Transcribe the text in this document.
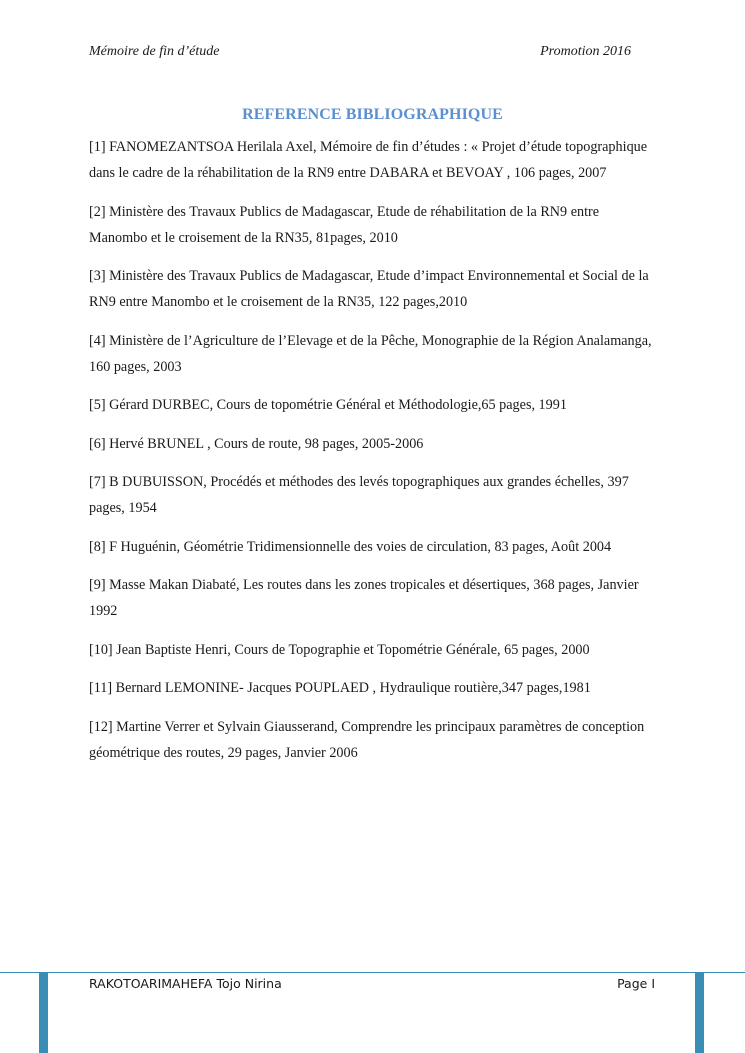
Mémoire de fin d’étude	Promotion 2016
REFERENCE BIBLIOGRAPHIQUE
[1] FANOMEZANTSOA Herilala Axel, Mémoire de fin d’études : « Projet d’étude topographique dans le cadre de la réhabilitation de la RN9 entre DABARA et BEVOAY , 106 pages, 2007
[2] Ministère des Travaux Publics de Madagascar, Etude de réhabilitation de la RN9 entre Manombo et le croisement de la RN35, 81pages, 2010
[3] Ministère des Travaux Publics de Madagascar, Etude d’impact Environnemental et Social de la RN9 entre Manombo et le croisement de la RN35, 122 pages,2010
[4] Ministère de l’Agriculture de l’Elevage et de la Pêche, Monographie de la Région Analamanga, 160 pages, 2003
[5] Gérard DURBEC, Cours de topométrie Général et Méthodologie,65 pages, 1991
[6] Hervé BRUNEL , Cours de route, 98 pages, 2005-2006
[7] B DUBUISSON, Procédés et méthodes des levés topographiques aux grandes échelles, 397 pages, 1954
[8] F Huguénin, Géométrie Tridimensionnelle des voies de circulation, 83 pages, Août 2004
[9] Masse Makan Diabaté, Les routes dans les zones tropicales et désertiques, 368 pages, Janvier 1992
[10] Jean Baptiste Henri, Cours de Topographie et Topométrie Générale, 65 pages, 2000
[11] Bernard LEMONINE- Jacques POUPLAED , Hydraulique routière,347 pages,1981
[12] Martine Verrer et Sylvain Giausserand, Comprendre les principaux paramètres de conception géométrique des routes, 29 pages, Janvier 2006
RAKOTOARIMAHEFA Tojo Nirina	Page I
